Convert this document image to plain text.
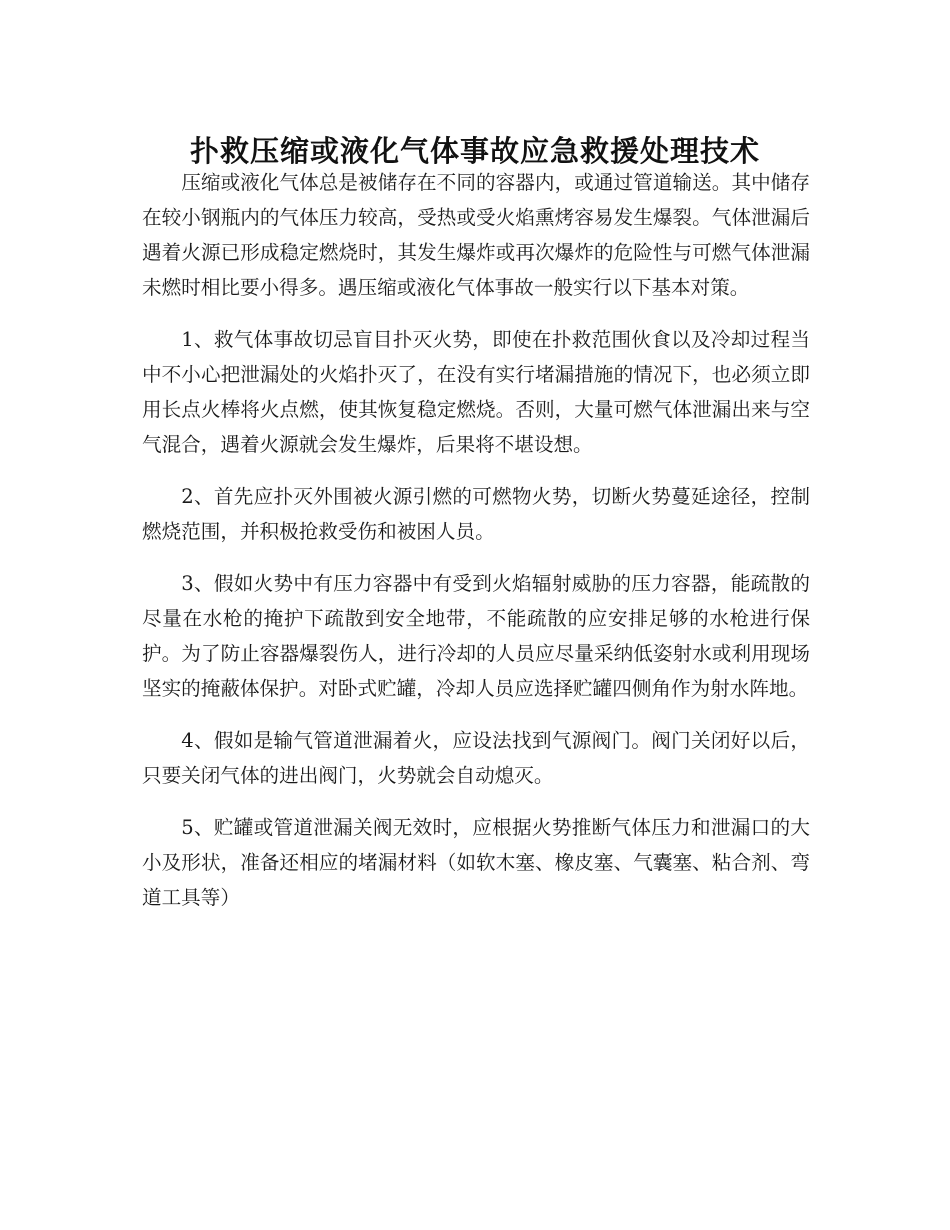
扑救压缩或液化气体事故应急救援处理技术

压缩或液化气体总是被储存在不同的容器内，或通过管道输送。其中储存在较小钢瓶内的气体压力较高，受热或受火焰熏烤容易发生爆裂。气体泄漏后遇着火源已形成稳定燃烧时，其发生爆炸或再次爆炸的危险性与可燃气体泄漏未燃时相比要小得多。遇压缩或液化气体事故一般实行以下基本对策。

1、救气体事故切忌盲目扑灭火势，即使在扑救范围伙食以及冷却过程当中不小心把泄漏处的火焰扑灭了，在没有实行堵漏措施的情况下，也必须立即用长点火棒将火点燃，使其恢复稳定燃烧。否则，大量可燃气体泄漏出来与空气混合，遇着火源就会发生爆炸，后果将不堪设想。

2、首先应扑灭外围被火源引燃的可燃物火势，切断火势蔓延途径，控制燃烧范围，并积极抢救受伤和被困人员。

3、假如火势中有压力容器中有受到火焰辐射威胁的压力容器，能疏散的尽量在水枪的掩护下疏散到安全地带，不能疏散的应安排足够的水枪进行保护。为了防止容器爆裂伤人，进行冷却的人员应尽量采纳低姿射水或利用现场坚实的掩蔽体保护。对卧式贮罐，冷却人员应选择贮罐四侧角作为射水阵地。

4、假如是输气管道泄漏着火，应设法找到气源阀门。阀门关闭好以后，只要关闭气体的进出阀门，火势就会自动熄灭。

5、贮罐或管道泄漏关阀无效时，应根据火势推断气体压力和泄漏口的大小及形状，准备还相应的堵漏材料（如软木塞、橡皮塞、气囊塞、粘合剂、弯道工具等）
